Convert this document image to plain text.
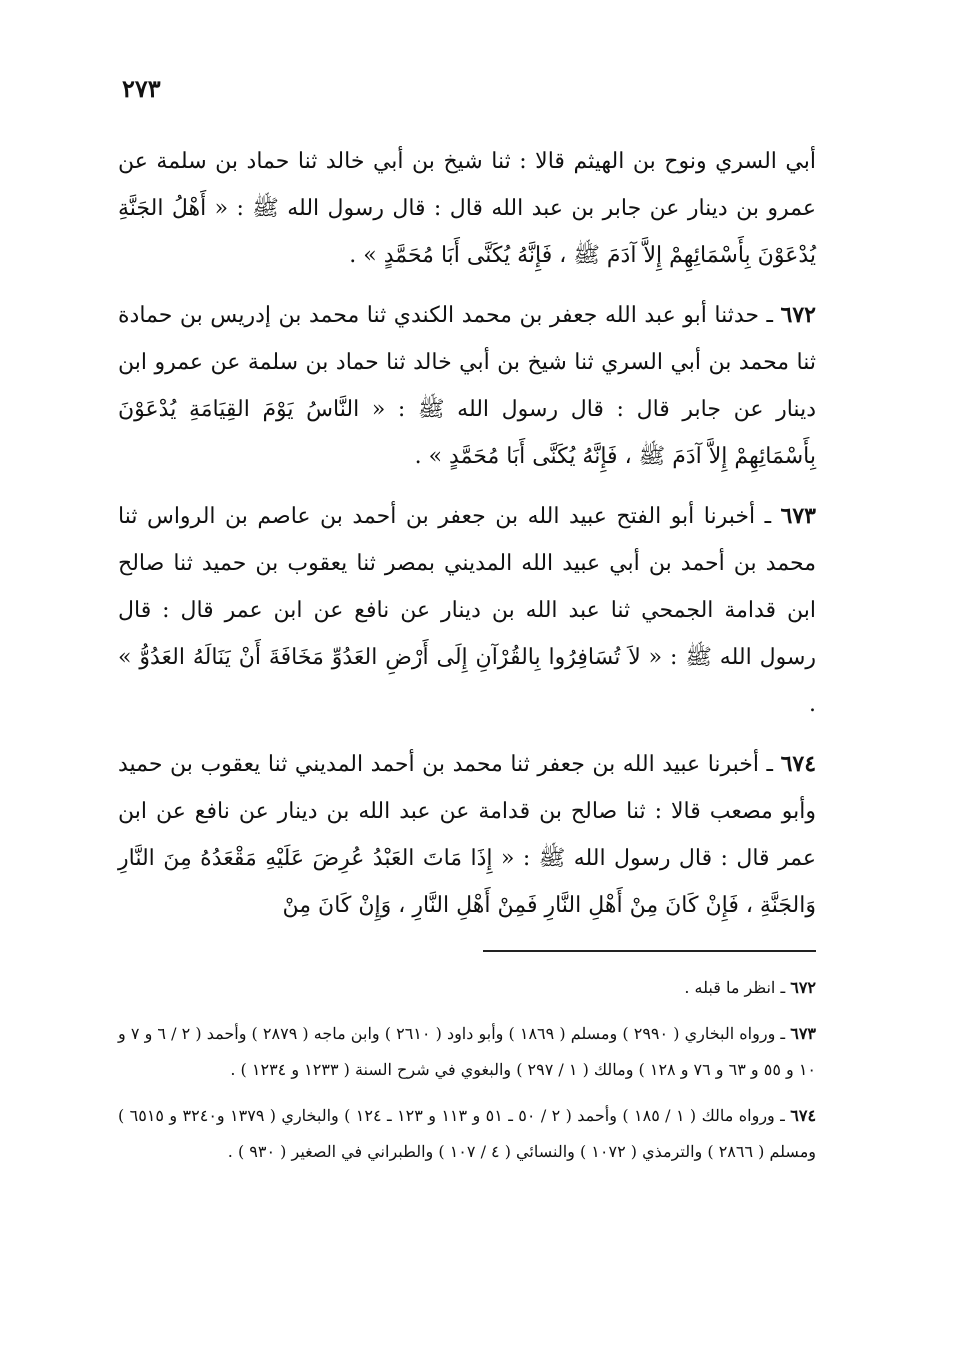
٢٧٣

أبي السري ونوح بن الهيثم قالا : ثنا شيخ بن أبي خالد ثنا حماد بن سلمة عن عمرو بن دينار عن جابر بن عبد الله قال : قال رسول الله ﷺ : « أَهْلُ الجَنَّةِ يُدْعَوْنَ بِأَسْمَائِهِمْ إِلاَّ آدَمَ ﷺ ، فَإِنَّهُ يُكَنَّى أَبَا مُحَمَّدٍ » .

٦٧٢ ـ حدثنا أبو عبد الله جعفر بن محمد الكندي ثنا محمد بن إدريس بن حمادة ثنا محمد بن أبي السري ثنا شيخ بن أبي خالد ثنا حماد بن سلمة عن عمرو ابن دينار عن جابر قال : قال رسول الله ﷺ : « النَّاسُ يَوْمَ القِيَامَةِ يُدْعَوْنَ بِأَسْمَائِهِمْ إِلاَّ آدَمَ ﷺ ، فَإِنَّهُ يُكَنَّى أَبَا مُحَمَّدٍ » .

٦٧٣ ـ أخبرنا أبو الفتح عبيد الله بن جعفر بن أحمد بن عاصم بن الرواس ثنا محمد بن أحمد بن أبي عبيد الله المديني بمصر ثنا يعقوب بن حميد ثنا صالح ابن قدامة الجمحي ثنا عبد الله بن دينار عن نافع عن ابن عمر قال : قال رسول الله ﷺ : « لاَ تُسَافِرُوا بِالقُرْآنِ إِلَى أَرْضِ العَدُوِّ مَخَافَةَ أَنْ يَنَالَهُ العَدُوُّ » .

٦٧٤ ـ أخبرنا عبيد الله بن جعفر ثنا محمد بن أحمد المديني ثنا يعقوب بن حميد وأبو مصعب قالا : ثنا صالح بن قدامة عن عبد الله بن دينار عن نافع عن ابن عمر قال : قال رسول الله ﷺ : « إِذَا مَاتَ العَبْدُ عُرِضَ عَلَيْهِ مَقْعَدُهُ مِنَ النَّارِ وَالجَنَّةِ ، فَإِنْ كَانَ مِنْ أَهْلِ النَّارِ فَمِنْ أَهْلِ النَّارِ ، وَإِنْ كَانَ مِنْ

٦٧٢ ـ انظر ما قبله .

٦٧٣ ـ ورواه البخاري ( ٢٩٩٠ ) ومسلم ( ١٨٦٩ ) وأبو داود ( ٢٦١٠ ) وابن ماجه ( ٢٨٧٩ ) وأحمد ( ٢ / ٦ و ٧ و ١٠ و ٥٥ و ٦٣ و ٧٦ و ١٢٨ ) ومالك ( ١ / ٢٩٧ ) والبغوي في شرح السنة ( ١٢٣٣ و ١٢٣٤ ) .

٦٧٤ ـ ورواه مالك ( ١ / ١٨٥ ) وأحمد ( ٢ / ٥٠ ـ ٥١ و ١١٣ و ١٢٣ ـ ١٢٤ ) والبخاري ( ١٣٧٩ و٣٢٤٠ و ٦٥١٥ ) ومسلم ( ٢٨٦٦ ) والترمذي ( ١٠٧٢ ) والنسائي ( ٤ / ١٠٧ ) والطبراني في الصغير ( ٩٣٠ ) .
